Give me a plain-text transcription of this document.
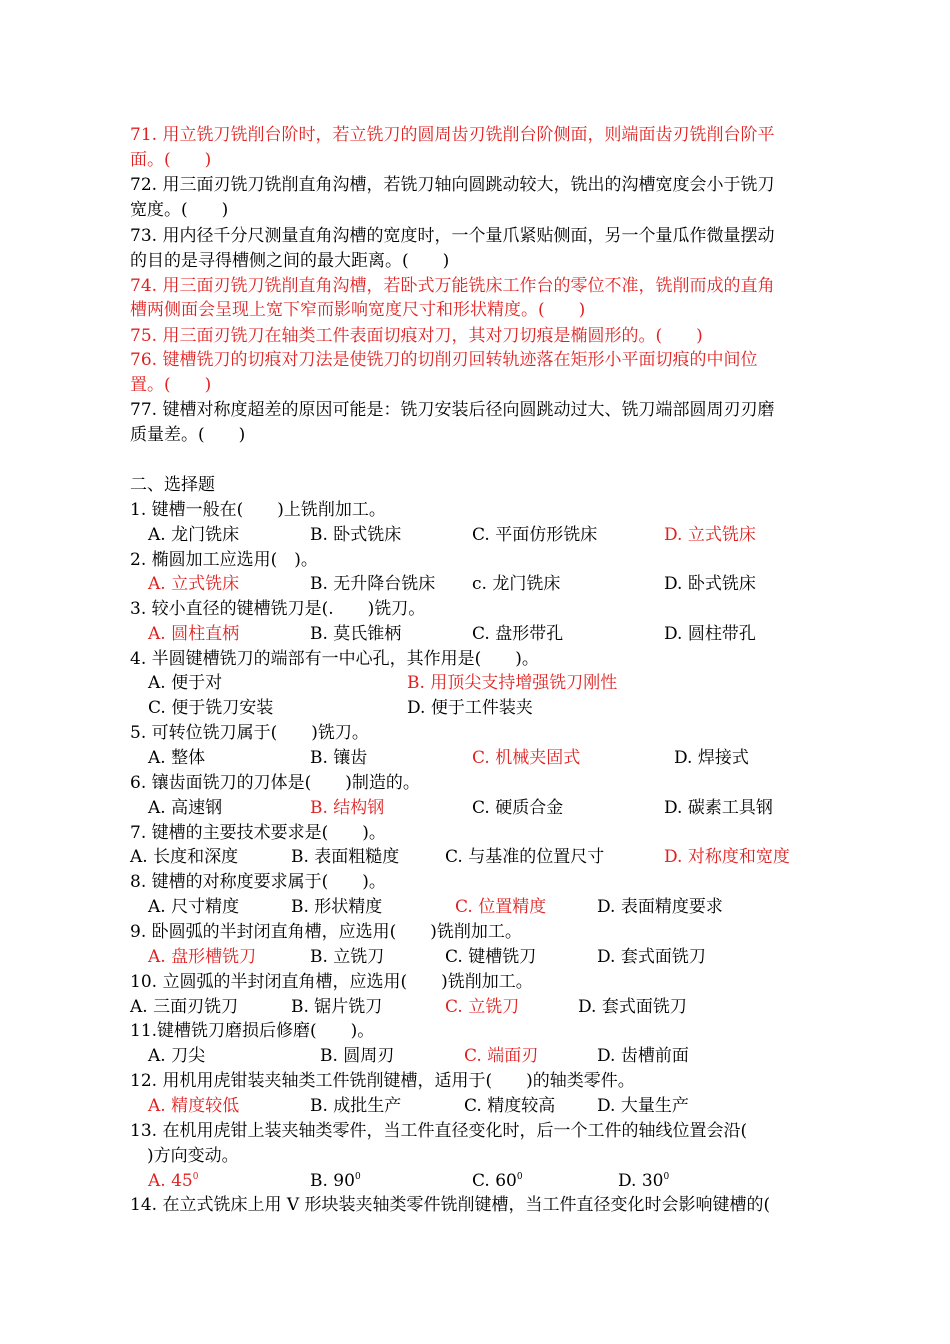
71. 用立铣刀铣削台阶时，若立铣刀的圆周齿刃铣削台阶侧面，则端面齿刃铣削台阶平
面。(　　)
72. 用三面刃铣刀铣削直角沟槽，若铣刀轴向圆跳动较大，铣出的沟槽宽度会小于铣刀
宽度。(　　)
73. 用内径千分尺测量直角沟槽的宽度时，一个量爪紧贴侧面，另一个量瓜作微量摆动
的目的是寻得槽侧之间的最大距离。(　　)
74. 用三面刃铣刀铣削直角沟槽，若卧式万能铣床工作台的零位不准，铣削而成的直角
槽两侧面会呈现上宽下窄而影响宽度尺寸和形状精度。(　　)
75. 用三面刃铣刀在轴类工件表面切痕对刀，其对刀切痕是椭圆形的。(　　)
76. 键槽铣刀的切痕对刀法是使铣刀的切削刃回转轨迹落在矩形小平面切痕的中间位
置。(　　)
77. 键槽对称度超差的原因可能是：铣刀安装后径向圆跳动过大、铣刀端部圆周刃刃磨
质量差。(　　)
二、选择题
1. 键槽一般在(　　)上铣削加工。
A. 龙门铣床	B. 卧式铣床	C. 平面仿形铣床	D. 立式铣床
2. 椭圆加工应选用(　)。
A. 立式铣床	B. 无升降台铣床 c. 龙门铣床	D. 卧式铣床
3. 较小直径的键槽铣刀是(.　　)铣刀。
A. 圆柱直柄	B. 莫氏锥柄	C. 盘形带孔	D. 圆柱带孔
4. 半圆键槽铣刀的端部有一中心孔，其作用是(　　)。
A. 便于对	B. 用顶尖支持增强铣刀刚性
C. 便于铣刀安装	D. 便于工件装夹
5. 可转位铣刀属于(　　)铣刀。
A. 整体	B. 镶齿	C. 机械夹固式	D. 焊接式
6. 镶齿面铣刀的刀体是(　　)制造的。
A. 高速钢	B. 结构钢	C. 硬质合金	D. 碳素工具钢
7. 键槽的主要技术要求是(　　)。
A. 长度和深度	B. 表面粗糙度	C. 与基准的位置尺寸	D. 对称度和宽度
8. 键槽的对称度要求属于(　　)。
A. 尺寸精度	B. 形状精度	C. 位置精度	D. 表面精度要求
9. 卧圆弧的半封闭直角槽，应选用(　　)铣削加工。
A. 盘形槽铣刀	B. 立铣刀	C. 键槽铣刀	D. 套式面铣刀
10. 立圆弧的半封闭直角槽，应选用(　　)铣削加工。
A. 三面刃铣刀	B. 锯片铣刀	C. 立铣刀	D. 套式面铣刀
11.键槽铣刀磨损后修磨(　　)。
A. 刀尖	B. 圆周刃	C. 端面刃	D. 齿槽前面
12. 用机用虎钳装夹轴类工件铣削键槽，适用于(　　)的轴类零件。
A. 精度较低	B. 成批生产	C. 精度较高 D. 大量生产
13. 在机用虎钳上装夹轴类零件，当工件直径变化时，后一个工件的轴线位置会沿(
　)方向变动。
A. $45^0$	B. $90^0$	C. $60^0$	D. $30^0$
14. 在立式铣床上用 V 形块装夹轴类零件铣削键槽，当工件直径变化时会影响键槽的(
